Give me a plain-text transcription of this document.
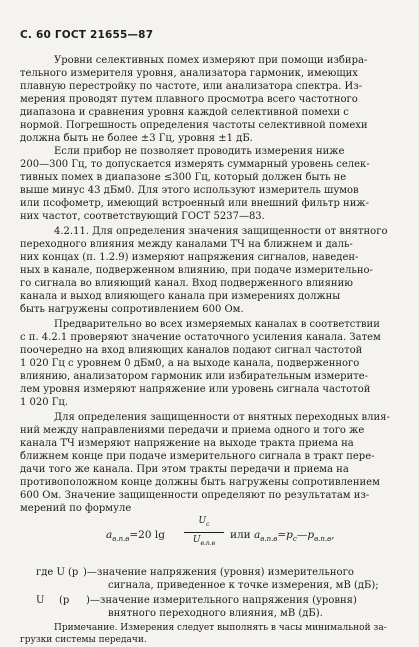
С. 60 ГОСТ 21655—87
Уровни селективных помех измеряют при помощи избира-
тельного измерителя уровня, анализатора гармоник, имеющих
плавную перестройку по частоте, или анализатора спектра. Из-
мерения проводят путем плавного просмотра всего частотного
диапазона и сравнения уровня каждой селективной помехи с
нормой. Погрешность определения частоты селективной помехи
должна быть не более ±3 Гц, уровня ±1 дБ.
Если прибор не позволяет проводить измерения ниже
200—300 Гц, то допускается измерять суммарный уровень селек-
тивных помех в диапазоне ≤300 Гц, который должен быть не
выше минус 43 дБм0. Для этого используют измеритель шумов
или псофометр, имеющий встроенный или внешний фильтр ниж-
них частот, соответствующий ГОСТ 5237—83.
4.2.11. Для определения значения защищенности от внятного
переходного влияния между каналами ТЧ на ближнем и даль-
них концах (п. 1.2.9) измеряют напряжения сигналов, наведен-
ных в канале, подверженном влиянию, при подаче измерительно-
го сигнала во влияющий канал. Вход подверженного влиянию
канала и выход влияющего канала при измерениях должны
быть нагружены сопротивлением 600 Ом.
Предварительно во всех измеряемых каналах в соответствии
с п. 4.2.1 проверяют значение остаточного усиления канала. Затем
поочередно на вход влияющих каналов подают сигнал частотой
1 020 Гц с уровнем 0 дБм0, а на выходе канала, подверженного
влиянию, анализатором гармоник или избирательным измерите-
лем уровня измеряют напряжение или уровень сигнала частотой
1 020 Гц.
Для определения защищенности от внятных переходных влия-
ний между направлениями передачи и приема одного и того же
канала ТЧ измеряют напряжение на выходе тракта приема на
ближнем конце при подаче измерительного сигнала в тракт пере-
дачи того же канала. При этом тракты передачи и приема на
противоположном конце должны быть нагружены сопротивлением
600 Ом. Значение защищенности определяют по результатам из-
мерений по формуле
$a_{в.п.в}=20$ lg
$U_c$
$U_{в.п.в}$
или $a_{в.п.в}=p_c—p_{в.п.в}$,
где U (p )—значение напряжения (уровня) измерительного
сигнала, приведенное к точке измерения, мВ (дБ);
U (p )—значение измерительного напряжения (уровня)
внятного переходного влияния, мВ (дБ).
Примечание. Измерения следует выполнять в часы минимальной за-
грузки системы передачи.
